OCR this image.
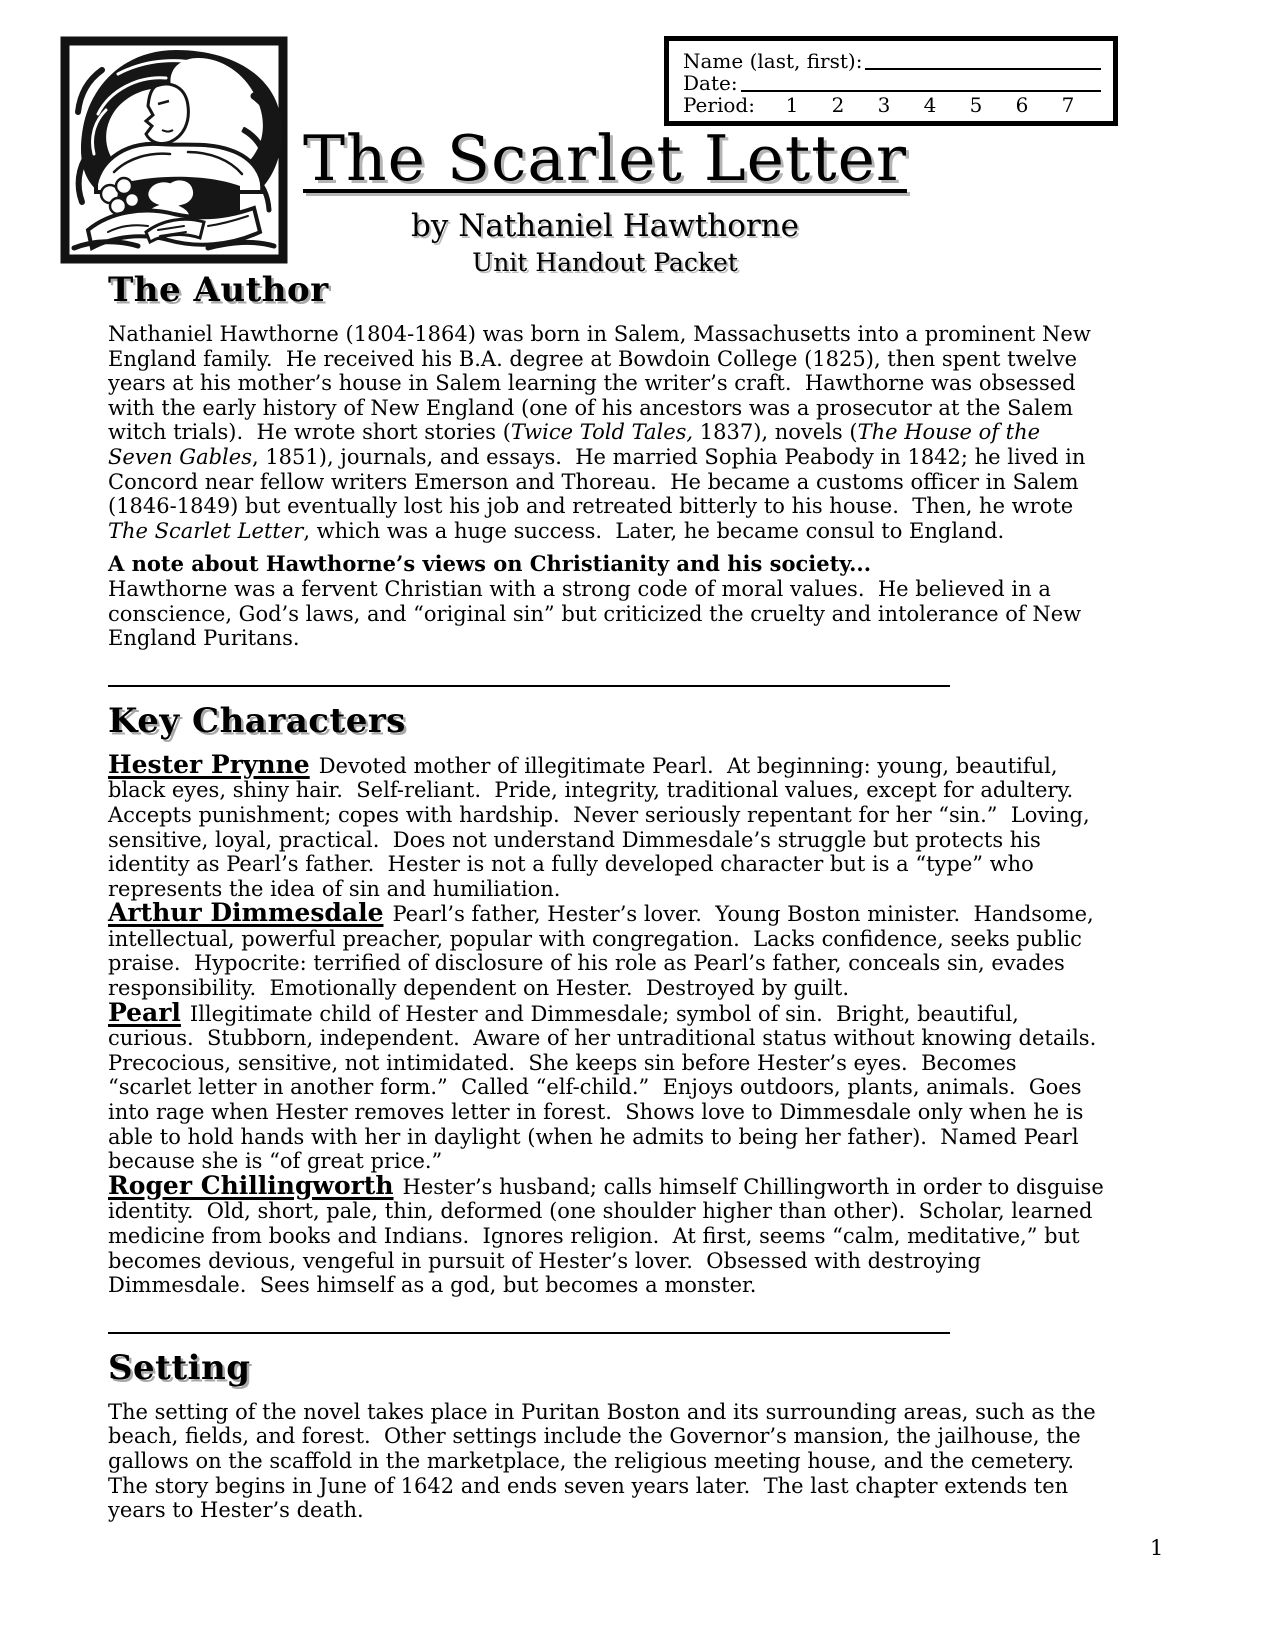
Name (last, first):
Date:
Period:	1	2	3	4	5	6	7
The Scarlet Letter
by Nathaniel Hawthorne
Unit Handout Packet
The Author

Nathaniel Hawthorne (1804-1864) was born in Salem, Massachusetts into a prominent New England family.  He received his B.A. degree at Bowdoin College (1825), then spent twelve years at his mother’s house in Salem learning the writer’s craft.  Hawthorne was obsessed with the early history of New England (one of his ancestors was a prosecutor at the Salem witch trials).  He wrote short stories (Twice Told Tales, 1837), novels (The House of the Seven Gables, 1851), journals, and essays.  He married Sophia Peabody in 1842; he lived in Concord near fellow writers Emerson and Thoreau.  He became a customs officer in Salem (1846-1849) but eventually lost his job and retreated bitterly to his house.  Then, he wrote The Scarlet Letter, which was a huge success.  Later, he became consul to England.

A note about Hawthorne’s views on Christianity and his society...

Hawthorne was a fervent Christian with a strong code of moral values.  He believed in a conscience, God’s laws, and “original sin” but criticized the cruelty and intolerance of New England Puritans.

Key Characters

Hester Prynne Devoted mother of illegitimate Pearl.  At beginning: young, beautiful, black eyes, shiny hair.  Self-reliant.  Pride, integrity, traditional values, except for adultery.  Accepts punishment; copes with hardship.  Never seriously repentant for her “sin.”  Loving, sensitive, loyal, practical.  Does not understand Dimmesdale’s struggle but protects his identity as Pearl’s father.  Hester is not a fully developed character but is a “type” who represents the idea of sin and humiliation.

Arthur Dimmesdale Pearl’s father, Hester’s lover.  Young Boston minister.  Handsome, intellectual, powerful preacher, popular with congregation.  Lacks confidence, seeks public praise.  Hypocrite: terrified of disclosure of his role as Pearl’s father, conceals sin, evades responsibility.  Emotionally dependent on Hester.  Destroyed by guilt.

Pearl Illegitimate child of Hester and Dimmesdale; symbol of sin.  Bright, beautiful, curious.  Stubborn, independent.  Aware of her untraditional status without knowing details.  Precocious, sensitive, not intimidated.  She keeps sin before Hester’s eyes.  Becomes “scarlet letter in another form.”  Called “elf-child.”  Enjoys outdoors, plants, animals.  Goes into rage when Hester removes letter in forest.  Shows love to Dimmesdale only when he is able to hold hands with her in daylight (when he admits to being her father).  Named Pearl because she is “of great price.”

Roger Chillingworth Hester’s husband; calls himself Chillingworth in order to disguise identity.  Old, short, pale, thin, deformed (one shoulder higher than other).  Scholar, learned medicine from books and Indians.  Ignores religion.  At first, seems “calm, meditative,” but becomes devious, vengeful in pursuit of Hester’s lover.  Obsessed with destroying Dimmesdale.  Sees himself as a god, but becomes a monster.

Setting

The setting of the novel takes place in Puritan Boston and its surrounding areas, such as the beach, fields, and forest.  Other settings include the Governor’s mansion, the jailhouse, the gallows on the scaffold in the marketplace, the religious meeting house, and the cemetery.  The story begins in June of 1642 and ends seven years later.  The last chapter extends ten years to Hester’s death.

1
